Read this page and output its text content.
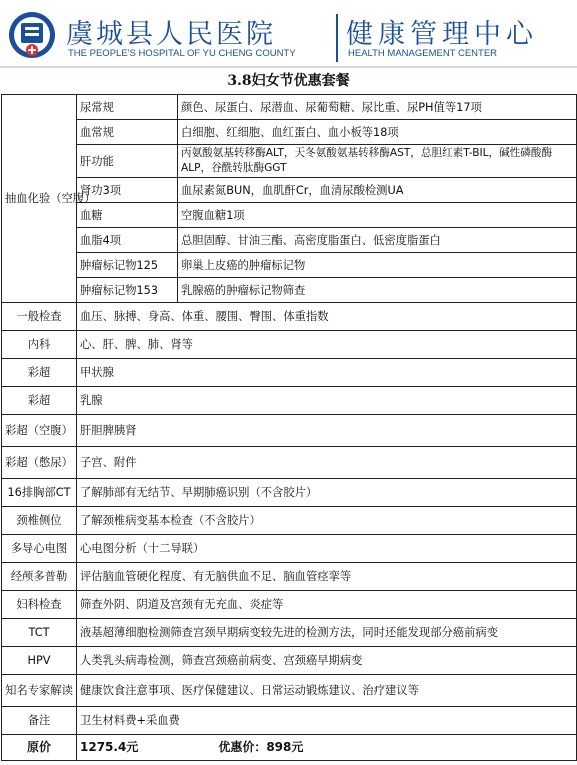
虞城县人民医院
THE PEOPLE'S HOSPITAL OF YU CHENG COUNTY
健康管理中心
HEALTH MANAGEMENT CENTER
3.8妇女节优惠套餐
抽血化验（空腹）	尿常规	颜色、尿蛋白、尿潜血、尿葡萄糖、尿比重、尿PH值等17项
	血常规	白细胞、红细胞、血红蛋白、血小板等18项
	肝功能	丙氨酸氨基转移酶ALT，天冬氨酸氨基转移酶AST，总胆红素T-BIL，碱性磷酸酶ALP，谷酰转肽酶GGT
	肾功3项	血尿素氮BUN，血肌酐Cr，血清尿酸检测UA
	血糖	空腹血糖1项
	血脂4项	总胆固醇、甘油三酯、高密度脂蛋白、低密度脂蛋白
	肿瘤标记物125	卵巢上皮癌的肿瘤标记物
	肿瘤标记物153	乳腺癌的肿瘤标记物筛查
一般检查	血压、脉搏、身高、体重、腰围、臀围、体重指数	
内科	心、肝、脾、肺、肾等	
彩超	甲状腺	
彩超	乳腺	
彩超（空腹）	肝胆脾胰肾	
彩超（憋尿）	子宫、附件	
16排胸部CT	了解肺部有无结节、早期肺癌识别（不含胶片）	
颈椎侧位	了解颈椎病变基本检查（不含胶片）	
多导心电图	心电图分析（十二导联）	
经颅多普勒	评估脑血管硬化程度、有无脑供血不足、脑血管痉挛等	
妇科检查	筛查外阴、阴道及宫颈有无充血、炎症等	
TCT	液基超薄细胞检测筛查宫颈早期病变较先进的检测方法，同时还能发现部分癌前病变	
HPV	人类乳头病毒检测，筛查宫颈癌前病变、宫颈癌早期病变	
知名专家解读	健康饮食注意事项、医疗保健建议、日常运动锻炼建议、治疗建议等	
备注	卫生材料费+采血费	
原价	1275.4元 优惠价：898元	
